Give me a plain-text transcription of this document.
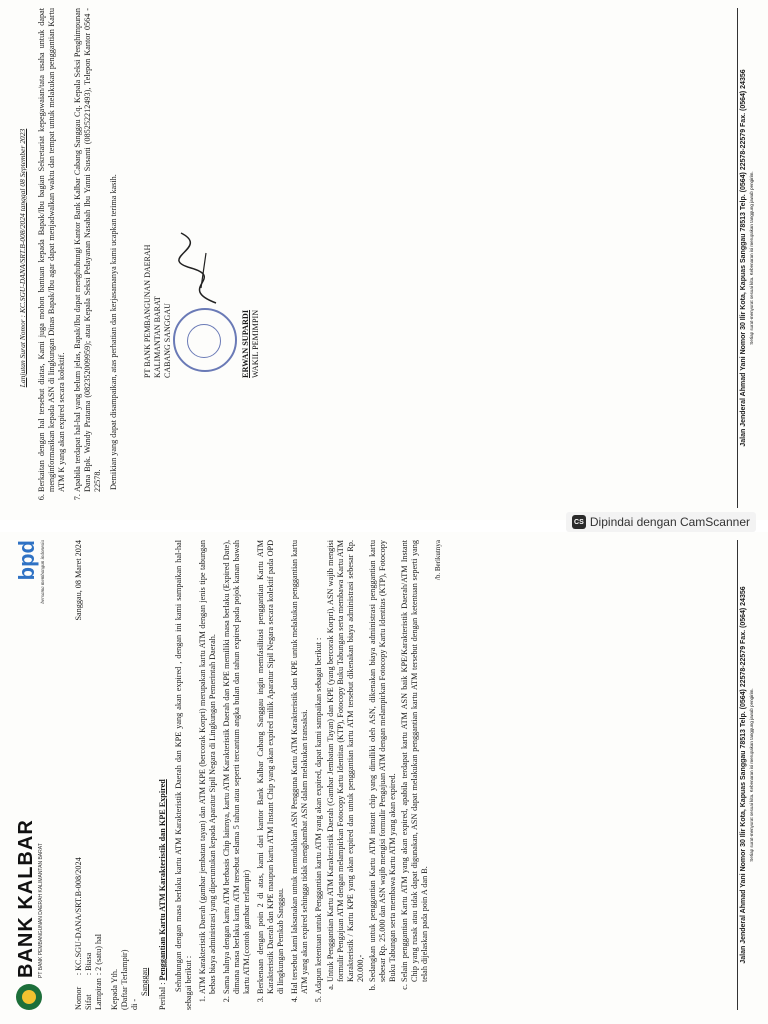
Lanjutan Surat Nomor : KC.SGU-DANA/SRT.B-008/2024 tanggal 08 September 2023 6. Berkaitan dengan hal tersebut diatas, Kami juga mohon bantuan kepada Bapak/Ibu bagian Sekretariat kepegawaian/tata usaha untuk dapat menginformasikan kepada ASN di lingkungan Dinas Bapak/Ibu agar dapat menjadwalkan waktu dan tempat untuk melakukan penggantian Kartu ATM K yang akan expired secara kolektif. 7. Apabila terdapat hal-hal yang belum jelas, Bapak/Ibu dapat menghubungi Kantor Bank Kalbar Cabang Sanggau Cq. Kepala Seksi Penghimpunan Dana Bpk. Wandy Pratama (082352009959); atau Kepala Seksi Pelayanan Nasabah Ibu Yanni Susanti (085252212493), Telepon Kantor 0564 - 22578. Demikian yang dapat disampaikan, atas perhatian dan kerjasamanya kami ucapkan terima kasih.	PT BANK PEMBANGUNAN DAERAH KALIMANTAN BARAT CABANG SANGGAU	ERWAN SUPARDI WAKIL PEMIMPIN	Jalan Jenderal Ahmad Yani Nomor 30 Ilir Kota, Kapuas Sanggau 78513 Telp. (0564) 22578-22579 Fax. (0564) 24356 Setiap surat-menyurat sesuai kita. Kebenaran isi merupakan tanggung jawab pengirim.
CS Dipindai dengan CamScanner
BANK KALBAR PT BANK PEMBANGUNAN DAERAH KALIMANTAN BARAT
bpd bersama membangun indonesia
Nomor	: KC.SGU-DANA/SRT.B-008/2024
Sifat	: Biasa
Lampiran	: 2 (satu) hal
Sanggau, 08 Maret 2024
Kepada Yth. (Daftar Terlampir) di -
Sanggau
Perihal : Penggantian Kartu ATM Karakteristik dan KPE Expired Sehubungan dengan masa berlaku kartu ATM Karakteristik Daerah dan KPE yang akan expired , dengan ini kami sampaikan hal-hal sebagai berikut : 1. ATM Karakteristik Daerah (gambar jembatan tayan) dan ATM KPE (bercorak Korpri) merupakan kartu ATM dengan jenis tipe tabungan bebas biaya administrasi yang diperuntukan kepada Aparatur Sipil Negara di Lingkungan Pemerintah Daerah. 2. Sama halnya dengan kartu ATM berbasis Chip lainnya, kartu ATM Karakteristik Daerah dan KPE memiliki masa berlaku (Expired Date), dimana masa berlaku kartu ATM tersebut selama 5 tahun atau seperti tercantum angka bulan dan tahun expired pada pojok kanan bawah kartu ATM.(contoh gambar terlampir) 3. Berkenaan dengan poin 2 di atas, kami dari kantor Bank Kalbar Cabang Sanggau ingin memfasilitasi penggantian Kartu ATM Karakteristik Daerah dan KPE maupun kartu ATM Instant Chip yang akan expired milik Aparatur Sipil Negara secara kolektif pada OPD di lingkungan Pemkab Sanggau. 4. Hal tersebut kami laksanakan untuk memudahkan ASN Pengguna Kartu ATM Karakteristik dan KPE untuk melakukan penggantian kartu ATM yang akan expired sehingga tidak menghambat ASN dalam melakukan transaksi. 5. Adapun ketentuan untuk Penggantian kartu ATM yang akan expired, dapat kami sampaikan sebagai berikut : a. Untuk Penggantian Kartu ATM Karakteristik Daerah (Gambar Jembatan Tayan) dan KPE (yang bercorak Korpri), ASN wajib mengisi formulir Pengajuan ATM dengan melampirkan Fotocopy Kartu Identitas (KTP), Fotocopy Buku Tabungan serta membawa Kartu ATM Karakteristik / Kartu KPE yang akan expired dan untuk penggantian kartu ATM tersebut dikenakan biaya administrasi sebesar Rp. 20.000,- b. Sedangkan untuk penggantian Kartu ATM instant chip yang dimiliki oleh ASN, dikenakan biaya administrasi penggantian kartu sebesar Rp. 25.000 dan ASN wajib mengisi formulir Pengajuan ATM dengan melampirkan Fotocopy Kartu Identitas (KTP), Fotocopy Buku Tabungan serta membawa Kartu ATM yang akan expired. c. Selain penggantian Kartu ATM yang akan expired, apabila terdapat kartu ATM ASN baik KPE/Karakteristik Daerah/ATM Instant Chip yang rusak atau tidak dapat digunakan, ASN dapat melakukan penggantian kartu ATM tersebut dengan ketentuan seperti yang telah dijelaskan pada poin A dan B.
/b. Berikutnya
Jalan Jenderal Ahmad Yani Nomor 30 Ilir Kota, Kapuas Sanggau 78513 Telp. (0564) 22578-22579 Fax. (0564) 24356 Setiap surat-menyurat sesuai kita. Kebenaran isi merupakan tanggung jawab pengirim.
